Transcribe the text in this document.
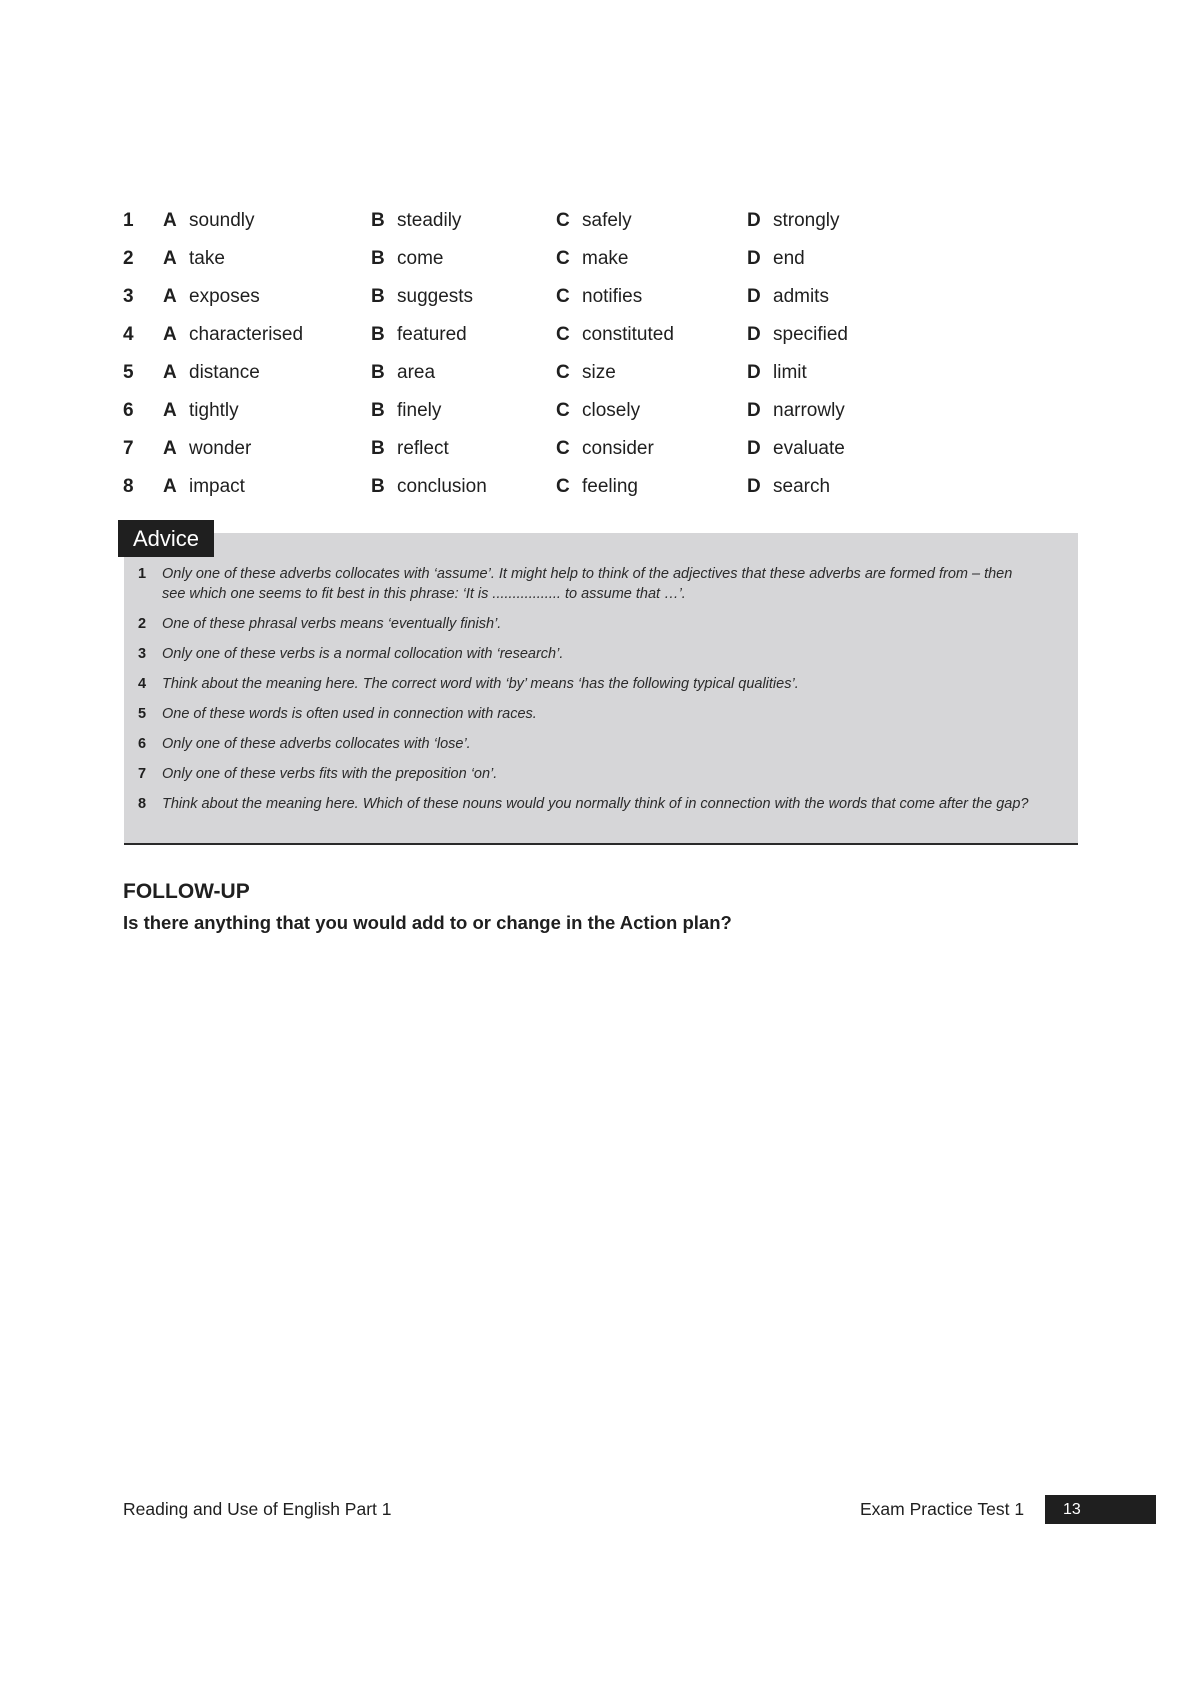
1 A soundly	B steadily	C safely	D strongly
2 A take	B come	C make	D end
3 A exposes	B suggests	C notifies	D admits
4 A characterised	B featured	C constituted	D specified
5 A distance	B area	C size	D limit
6 A tightly	B finely	C closely	D narrowly
7 A wonder	B reflect	C consider	D evaluate
8 A impact	B conclusion	C feeling	D search
Advice
1 Only one of these adverbs collocates with ‘assume’. It might help to think of the adjectives that these adverbs are formed from – then see which one seems to fit best in this phrase: ‘It is ................. to assume that …’.
2 One of these phrasal verbs means ‘eventually finish’.
3 Only one of these verbs is a normal collocation with ‘research’.
4 Think about the meaning here. The correct word with ‘by’ means ‘has the following typical qualities’.
5 One of these words is often used in connection with races.
6 Only one of these adverbs collocates with ‘lose’.
7 Only one of these verbs fits with the preposition ‘on’.
8 Think about the meaning here. Which of these nouns would you normally think of in connection with the words that come after the gap?
FOLLOW-UP
Is there anything that you would add to or change in the Action plan?
Reading and Use of English Part 1	Exam Practice Test 1	13
